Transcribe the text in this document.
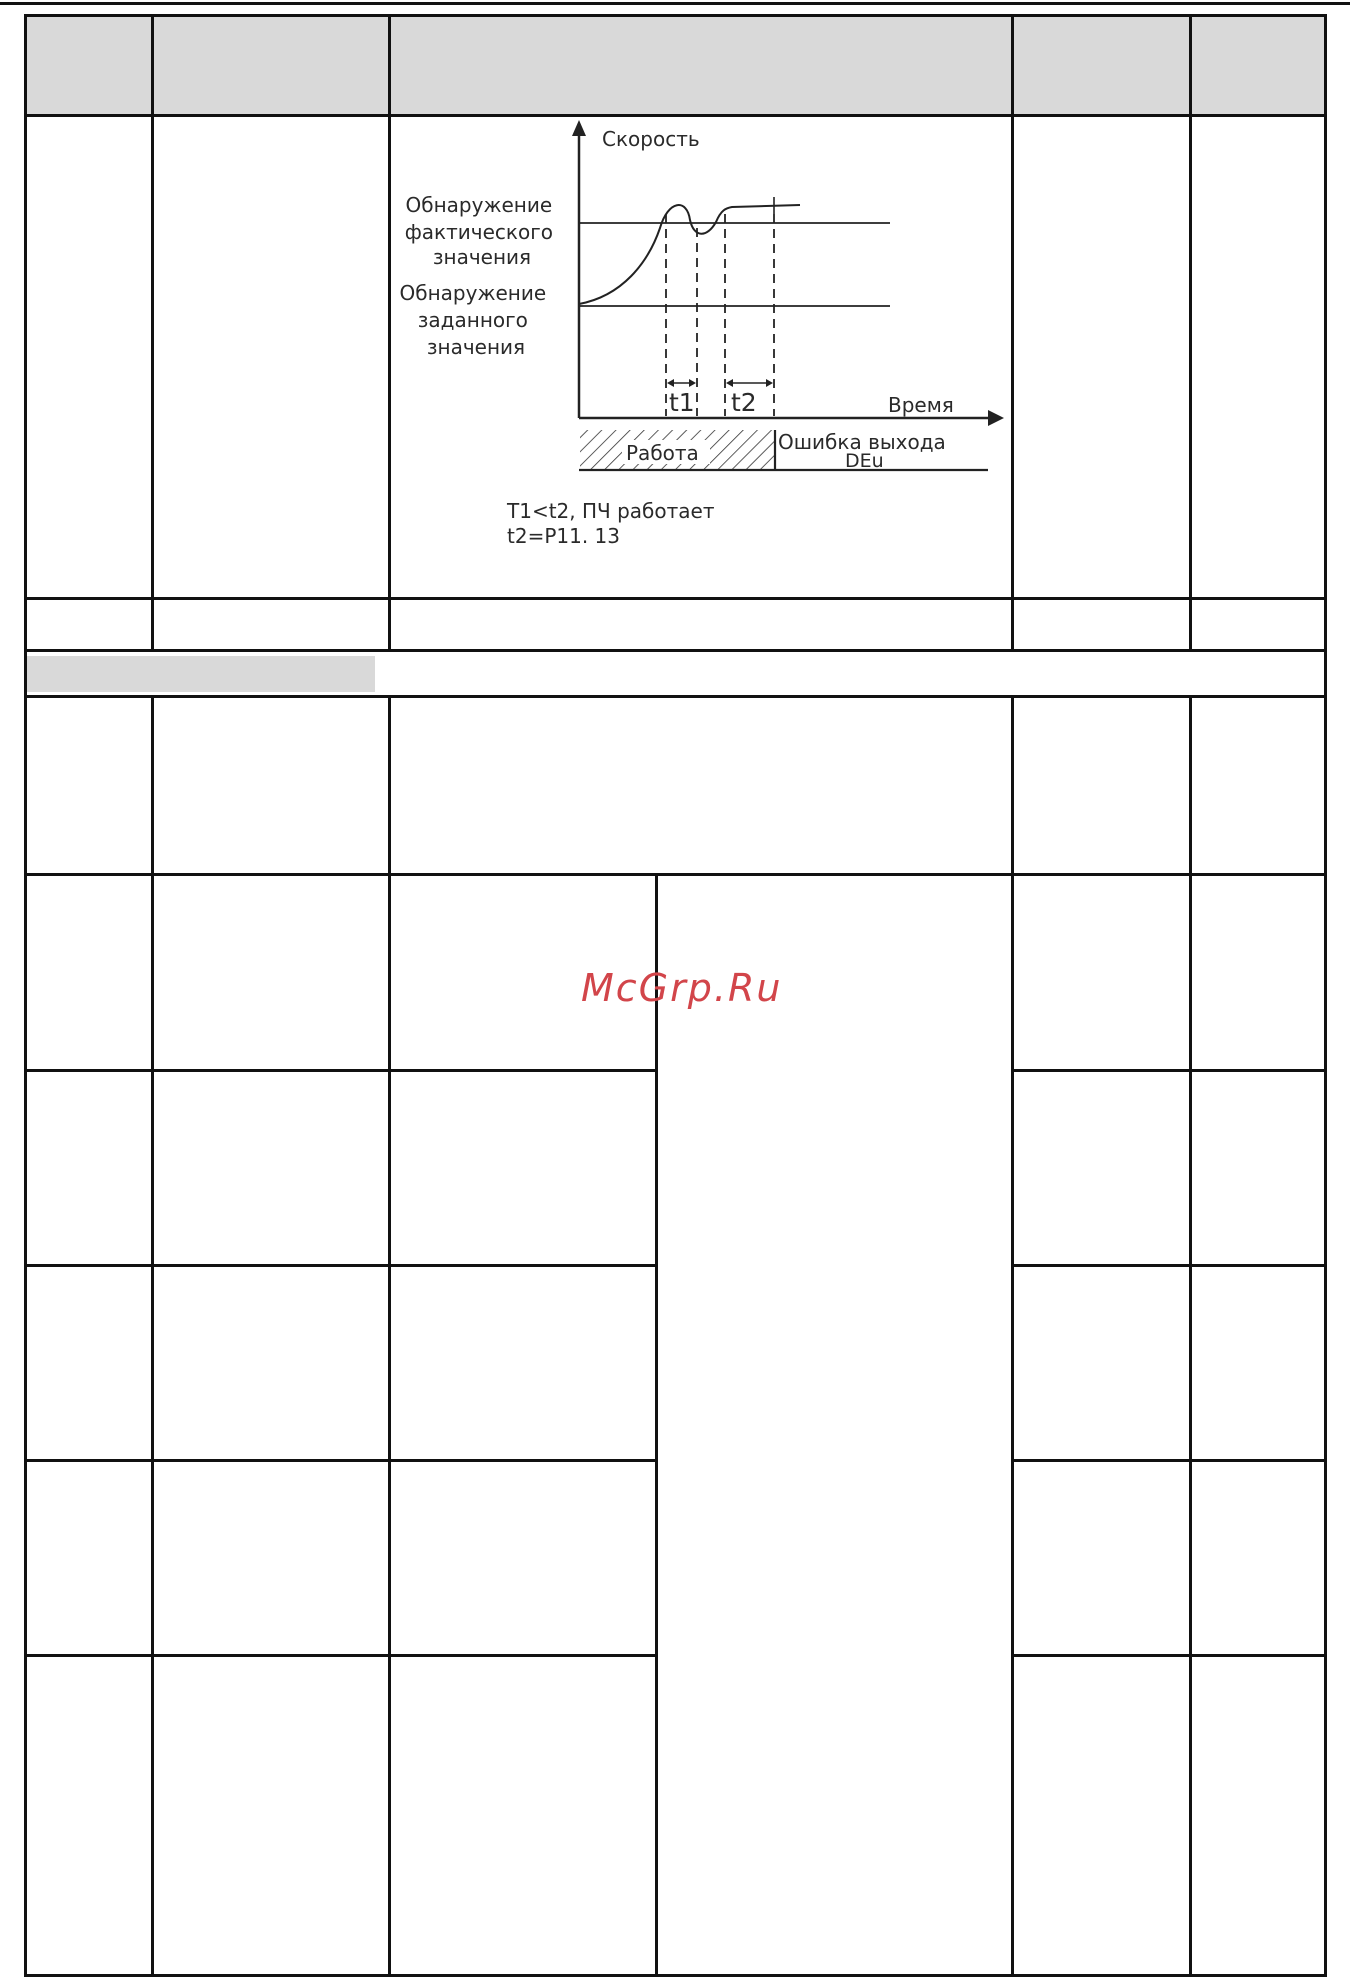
Скорость
Время
t1 t2
Обнаружение фактического значения
Обнаружение заданного значения
Работа	Ошибка выхода
DEu
T1<t2, ПЧ работает
t2=P11. 13
McGrp.Ru
